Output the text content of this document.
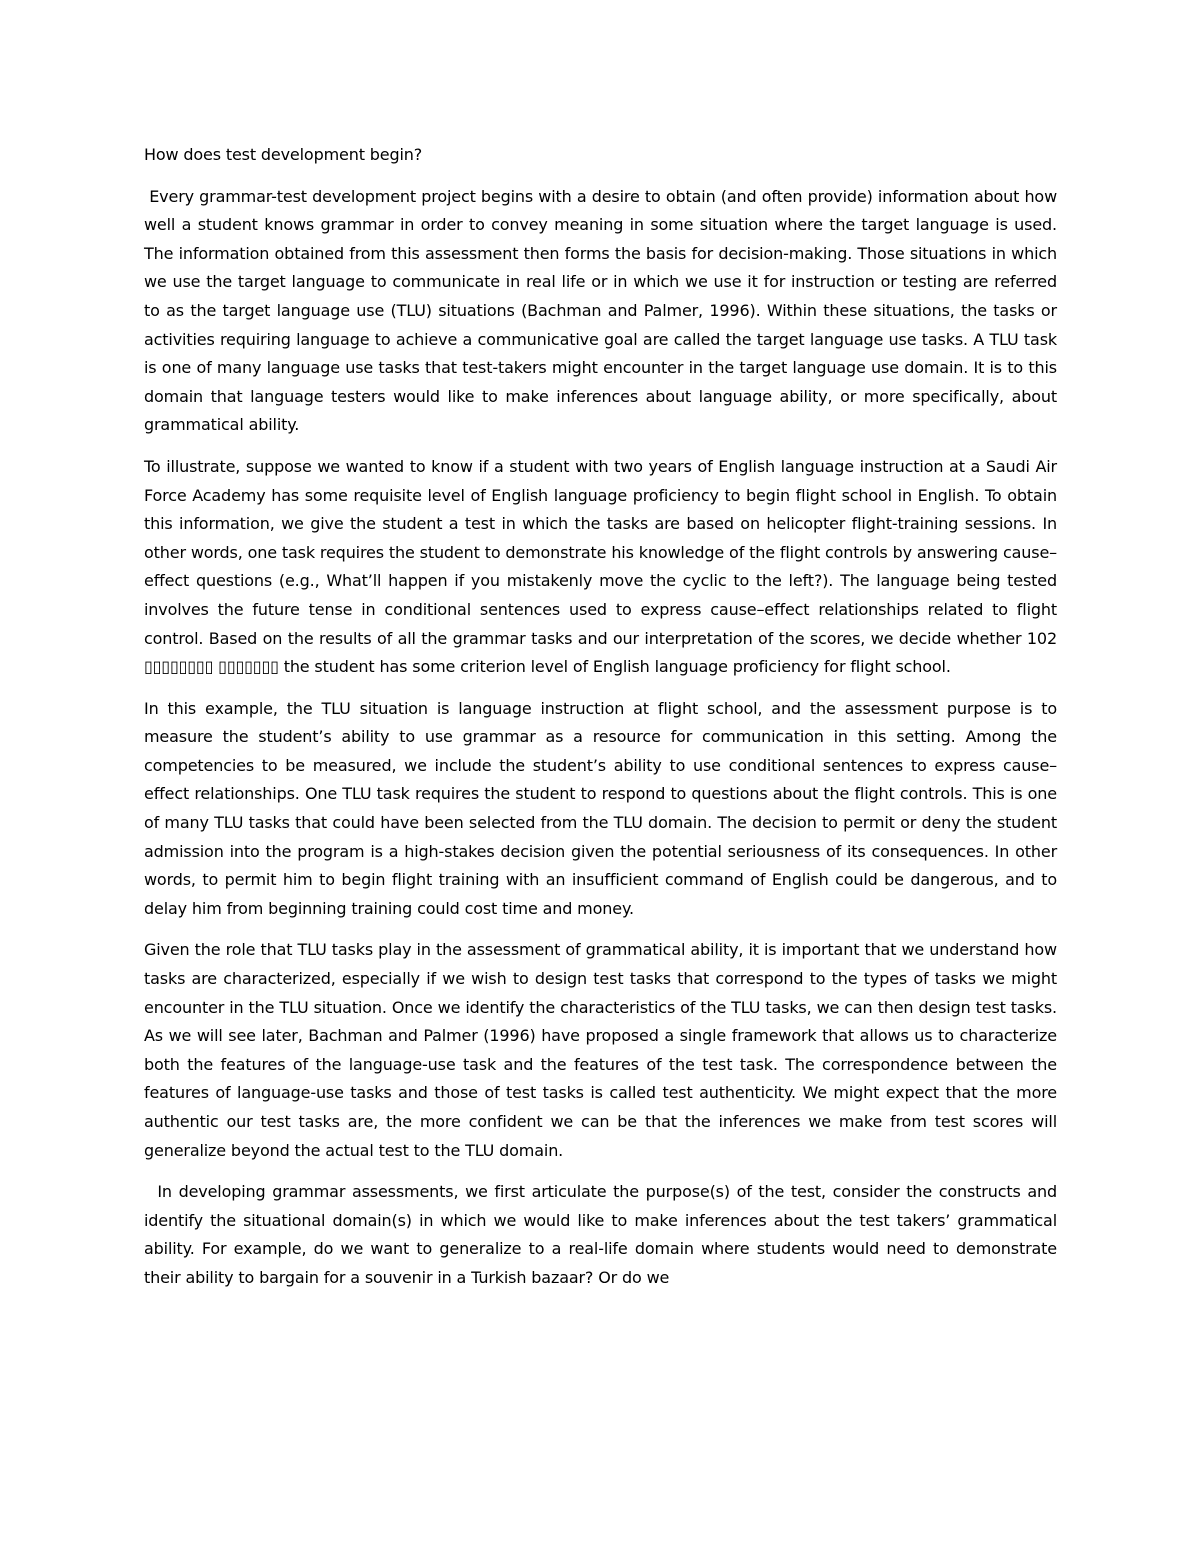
How does test development begin?

Every grammar-test development project begins with a desire to obtain (and often provide) information about how well a student knows grammar in order to convey meaning in some situation where the target language is used. The information obtained from this assessment then forms the basis for decision-making. Those situations in which we use the target language to communicate in real life or in which we use it for instruction or testing are referred to as the target language use (TLU) situations (Bachman and Palmer, 1996). Within these situations, the tasks or activities requiring language to achieve a communicative goal are called the target language use tasks. A TLU task is one of many language use tasks that test-takers might encounter in the target language use domain. It is to this domain that language testers would like to make inferences about language ability, or more specifically, about grammatical ability.

To illustrate, suppose we wanted to know if a student with two years of English language instruction at a Saudi Air Force Academy has some requisite level of English language proficiency to begin flight school in English. To obtain this information, we give the student a test in which the tasks are based on helicopter flight-training sessions. In other words, one task requires the student to demonstrate his knowledge of the flight controls by answering cause–effect questions (e.g., What’ll happen if you mistakenly move the cyclic to the left?). The language being tested involves the future tense in conditional sentences used to express cause–effect relationships related to flight control. Based on the results of all the grammar tasks and our interpretation of the scores, we decide whether 102 ▯▯▯▯▯▯▯▯ ▯▯▯▯▯▯▯ the student has some criterion level of English language proficiency for flight school.

In this example, the TLU situation is language instruction at flight school, and the assessment purpose is to measure the student’s ability to use grammar as a resource for communication in this setting. Among the competencies to be measured, we include the student’s ability to use conditional sentences to express cause–effect relationships. One TLU task requires the student to respond to questions about the flight controls. This is one of many TLU tasks that could have been selected from the TLU domain. The decision to permit or deny the student admission into the program is a high-stakes decision given the potential seriousness of its consequences. In other words, to permit him to begin flight training with an insufficient command of English could be dangerous, and to delay him from beginning training could cost time and money.

Given the role that TLU tasks play in the assessment of grammatical ability, it is important that we understand how tasks are characterized, especially if we wish to design test tasks that correspond to the types of tasks we might encounter in the TLU situation. Once we identify the characteristics of the TLU tasks, we can then design test tasks. As we will see later, Bachman and Palmer (1996) have proposed a single framework that allows us to characterize both the features of the language-use task and the features of the test task. The correspondence between the features of language-use tasks and those of test tasks is called test authenticity. We might expect that the more authentic our test tasks are, the more confident we can be that the inferences we make from test scores will generalize beyond the actual test to the TLU domain.

In developing grammar assessments, we first articulate the purpose(s) of the test, consider the constructs and identify the situational domain(s) in which we would like to make inferences about the test takers’ grammatical ability. For example, do we want to generalize to a real-life domain where students would need to demonstrate their ability to bargain for a souvenir in a Turkish bazaar? Or do we
